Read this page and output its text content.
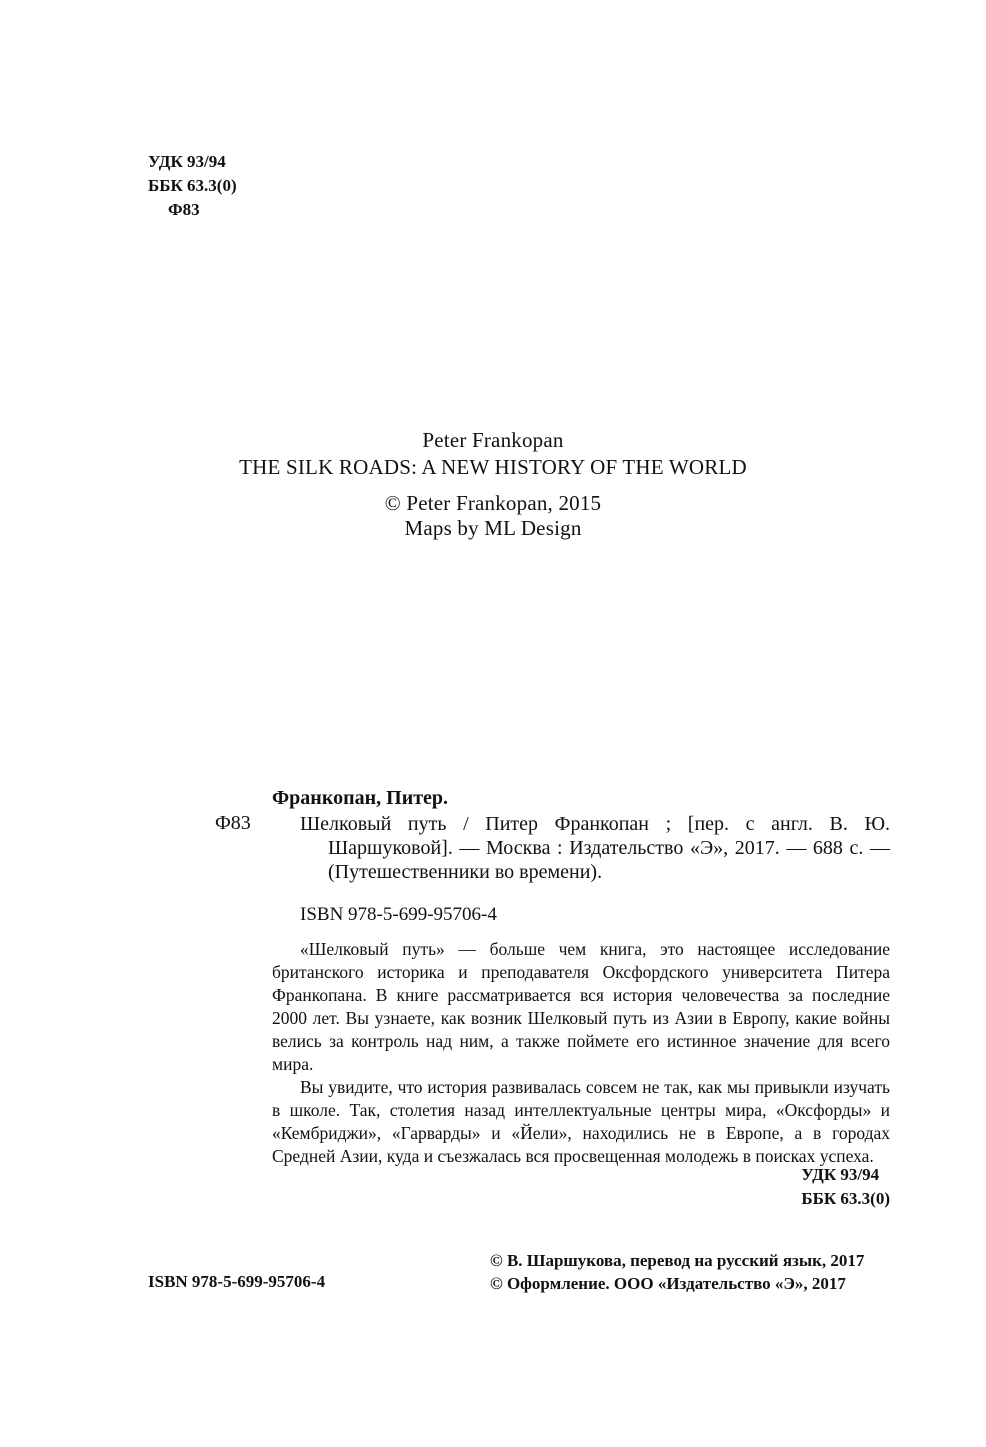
УДК 93/94
ББК 63.3(0)
Ф83
Peter Frankopan
THE SILK ROADS: A NEW HISTORY OF THE WORLD
© Peter Frankopan, 2015
Maps by ML Design
Франкопан, Питер.
Ф83 Шелковый путь / Питер Франкопан ; [пер. с англ. В. Ю. Шаршуковой]. — Москва : Издательство «Э», 2017. — 688 с. — (Путешественники во времени).
ISBN 978-5-699-95706-4

«Шелковый путь» — больше чем книга, это настоящее исследование британского историка и преподавателя Оксфордского университета Питера Франкопана. В книге рассматривается вся история человечества за последние 2000 лет. Вы узнаете, как возник Шелковый путь из Азии в Европу, какие войны велись за контроль над ним, а также поймете его истинное значение для всего мира.

Вы увидите, что история развивалась совсем не так, как мы привыкли изучать в школе. Так, столетия назад интеллектуальные центры мира, «Оксфорды» и «Кембриджи», «Гарварды» и «Йели», находились не в Европе, а в городах Средней Азии, куда и съезжалась вся просвещенная молодежь в поисках успеха.

УДК 93/94
ББК 63.3(0)
ISBN 978-5-699-95706-4
© В. Шаршукова, перевод на русский язык, 2017
© Оформление. ООО «Издательство «Э», 2017
